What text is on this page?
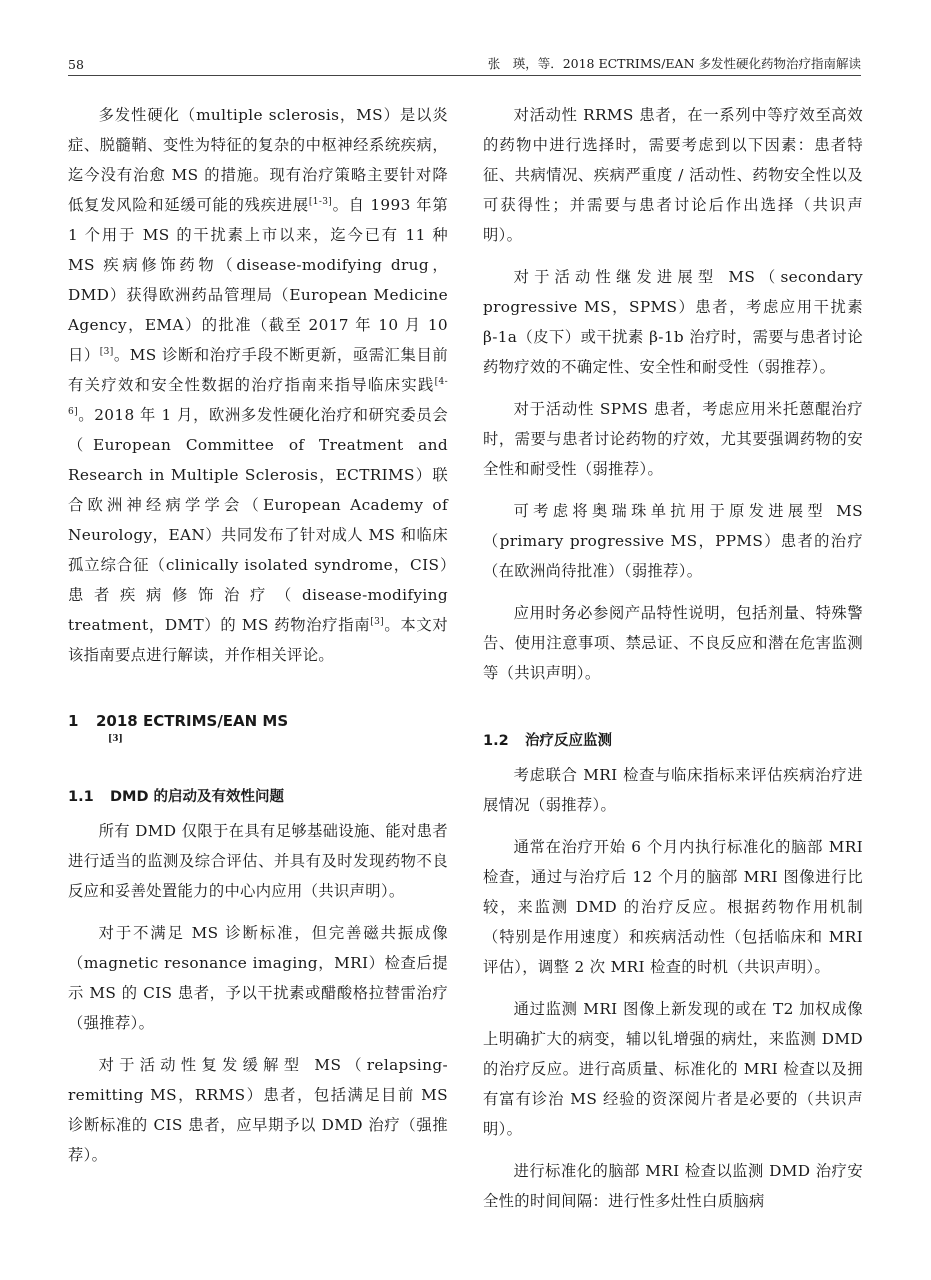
58	张　瑛，等．2018 ECTRIMS/EAN 多发性硬化药物治疗指南解读

多发性硬化（multiple sclerosis，MS）是以炎症、脱髓鞘、变性为特征的复杂的中枢神经系统疾病，迄今没有治愈 MS 的措施。现有治疗策略主要针对降低复发风险和延缓可能的残疾进展[1-3]。自 1993 年第 1 个用于 MS 的干扰素上市以来，迄今已有 11 种 MS 疾病修饰药物（disease-modifying drug，DMD）获得欧洲药品管理局（European Medicine Agency，EMA）的批准（截至 2017 年 10 月 10 日）[3]。MS 诊断和治疗手段不断更新，亟需汇集目前有关疗效和安全性数据的治疗指南来指导临床实践[4-6]。2018 年 1 月，欧洲多发性硬化治疗和研究委员会（European Committee of Treatment and Research in Multiple Sclerosis，ECTRIMS）联合欧洲神经病学学会（European Academy of Neurology，EAN）共同发布了针对成人 MS 和临床孤立综合征（clinically isolated syndrome，CIS）患者疾病修饰治疗（disease-modifying treatment，DMT）的 MS 药物治疗指南[3]。本文对该指南要点进行解读，并作相关评论。

1 2018 ECTRIMS/EAN MS
[3]
1.1 DMD 的启动及有效性问题

所有 DMD 仅限于在具有足够基础设施、能对患者进行适当的监测及综合评估、并具有及时发现药物不良反应和妥善处置能力的中心内应用（共识声明）。

对于不满足 MS 诊断标准，但完善磁共振成像（magnetic resonance imaging，MRI）检查后提示 MS 的 CIS 患者，予以干扰素或醋酸格拉替雷治疗（强推荐）。

对于活动性复发缓解型 MS（relapsing-remitting MS，RRMS）患者，包括满足目前 MS 诊断标准的 CIS 患者，应早期予以 DMD 治疗（强推荐）。

对活动性 RRMS 患者，在一系列中等疗效至高效的药物中进行选择时，需要考虑到以下因素：患者特征、共病情况、疾病严重度 / 活动性、药物安全性以及可获得性；并需要与患者讨论后作出选择（共识声明）。

对于活动性继发进展型 MS（secondary progressive MS，SPMS）患者，考虑应用干扰素 β-1a（皮下）或干扰素 β-1b 治疗时，需要与患者讨论药物疗效的不确定性、安全性和耐受性（弱推荐）。

对于活动性 SPMS 患者，考虑应用米托蒽醌治疗时，需要与患者讨论药物的疗效，尤其要强调药物的安全性和耐受性（弱推荐）。

可考虑将奥瑞珠单抗用于原发进展型 MS（primary progressive MS，PPMS）患者的治疗（在欧洲尚待批准）（弱推荐）。

应用时务必参阅产品特性说明，包括剂量、特殊警告、使用注意事项、禁忌证、不良反应和潜在危害监测等（共识声明）。

1.2 治疗反应监测

考虑联合 MRI 检查与临床指标来评估疾病治疗进展情况（弱推荐）。

通常在治疗开始 6 个月内执行标准化的脑部 MRI 检查，通过与治疗后 12 个月的脑部 MRI 图像进行比较，来监测 DMD 的治疗反应。根据药物作用机制（特别是作用速度）和疾病活动性（包括临床和 MRI 评估），调整 2 次 MRI 检查的时机（共识声明）。

通过监测 MRI 图像上新发现的或在 T2 加权成像上明确扩大的病变，辅以钆增强的病灶，来监测 DMD 的治疗反应。进行高质量、标准化的 MRI 检查以及拥有富有诊治 MS 经验的资深阅片者是必要的（共识声明）。

进行标准化的脑部 MRI 检查以监测 DMD 治疗安全性的时间间隔：进行性多灶性白质脑病
